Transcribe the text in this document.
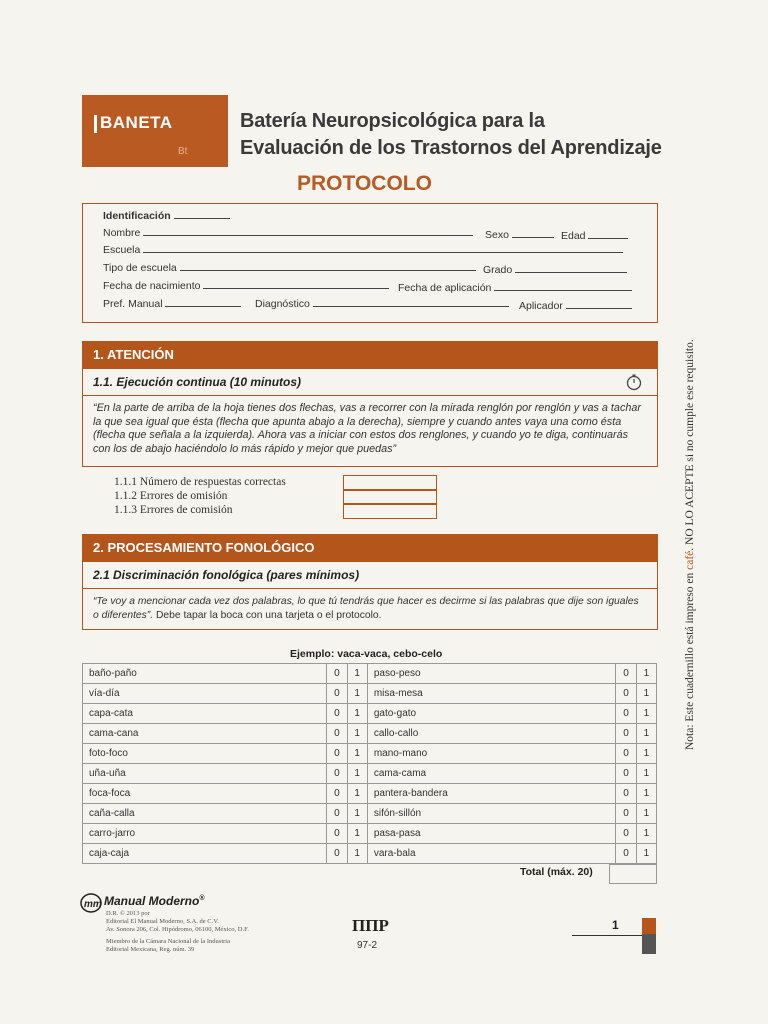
BANETA
Bt
Batería Neuropsicológica para la
Evaluación de los Trastornos del Aprendizaje
PROTOCOLO
Identificación
Nombre	Sexo	Edad
Escuela
Tipo de escuela	Grado
Fecha de nacimiento	Fecha de aplicación
Pref. Manual	Diagnóstico	Aplicador
1. ATENCIÓN
1.1. Ejecución continua (10 minutos)

“En la parte de arriba de la hoja tienes dos flechas, vas a recorrer con la mirada renglón por renglón y vas a tachar la que sea igual que ésta (flecha que apunta abajo a la derecha), siempre y cuando antes vaya una como ésta (flecha que señala a la izquierda). Ahora vas a iniciar con estos dos renglones, y cuando yo te diga, continuarás con los de abajo haciéndolo lo más rápido y mejor que puedas”

1.1.1 Número de respuestas correctas
1.1.2 Errores de omisión
1.1.3 Errores de comisión
2. PROCESAMIENTO FONOLÓGICO
2.1 Discriminación fonológica (pares mínimos)

“Te voy a mencionar cada vez dos palabras, lo que tú tendrás que hacer es decirme si las palabras que dije son iguales o diferentes”. Debe tapar la boca con una tarjeta o el protocolo.

Ejemplo: vaca-vaca, cebo-celo
baño-paño	0	1	paso-peso	0	1
vía-día	0	1	misa-mesa	0	1
capa-cata	0	1	gato-gato	0	1
cama-cana	0	1	callo-callo	0	1
foto-foco	0	1	mano-mano	0	1
uña-uña	0	1	cama-cama	0	1
foca-foca	0	1	pantera-bandera	0	1
caña-calla	0	1	sifón-sillón	0	1
carro-jarro	0	1	pasa-pasa	0	1
caja-caja	0	1	vara-bala	0	1
Total (máx. 20)
Nota: Este cuadernillo está impreso en café. NO LO ACEPTE si no cumple ese requisito.
mm Manual Moderno®
D.R. © 2013 por
Editorial El Manual Moderno, S.A. de C.V.
Av. Sonora 206, Col. Hipódromo, 06100, México, D.F.
Miembro de la Cámara Nacional de la Industria
Editorial Mexicana, Reg. núm. 39
ΠΠΡ
97-2
1
